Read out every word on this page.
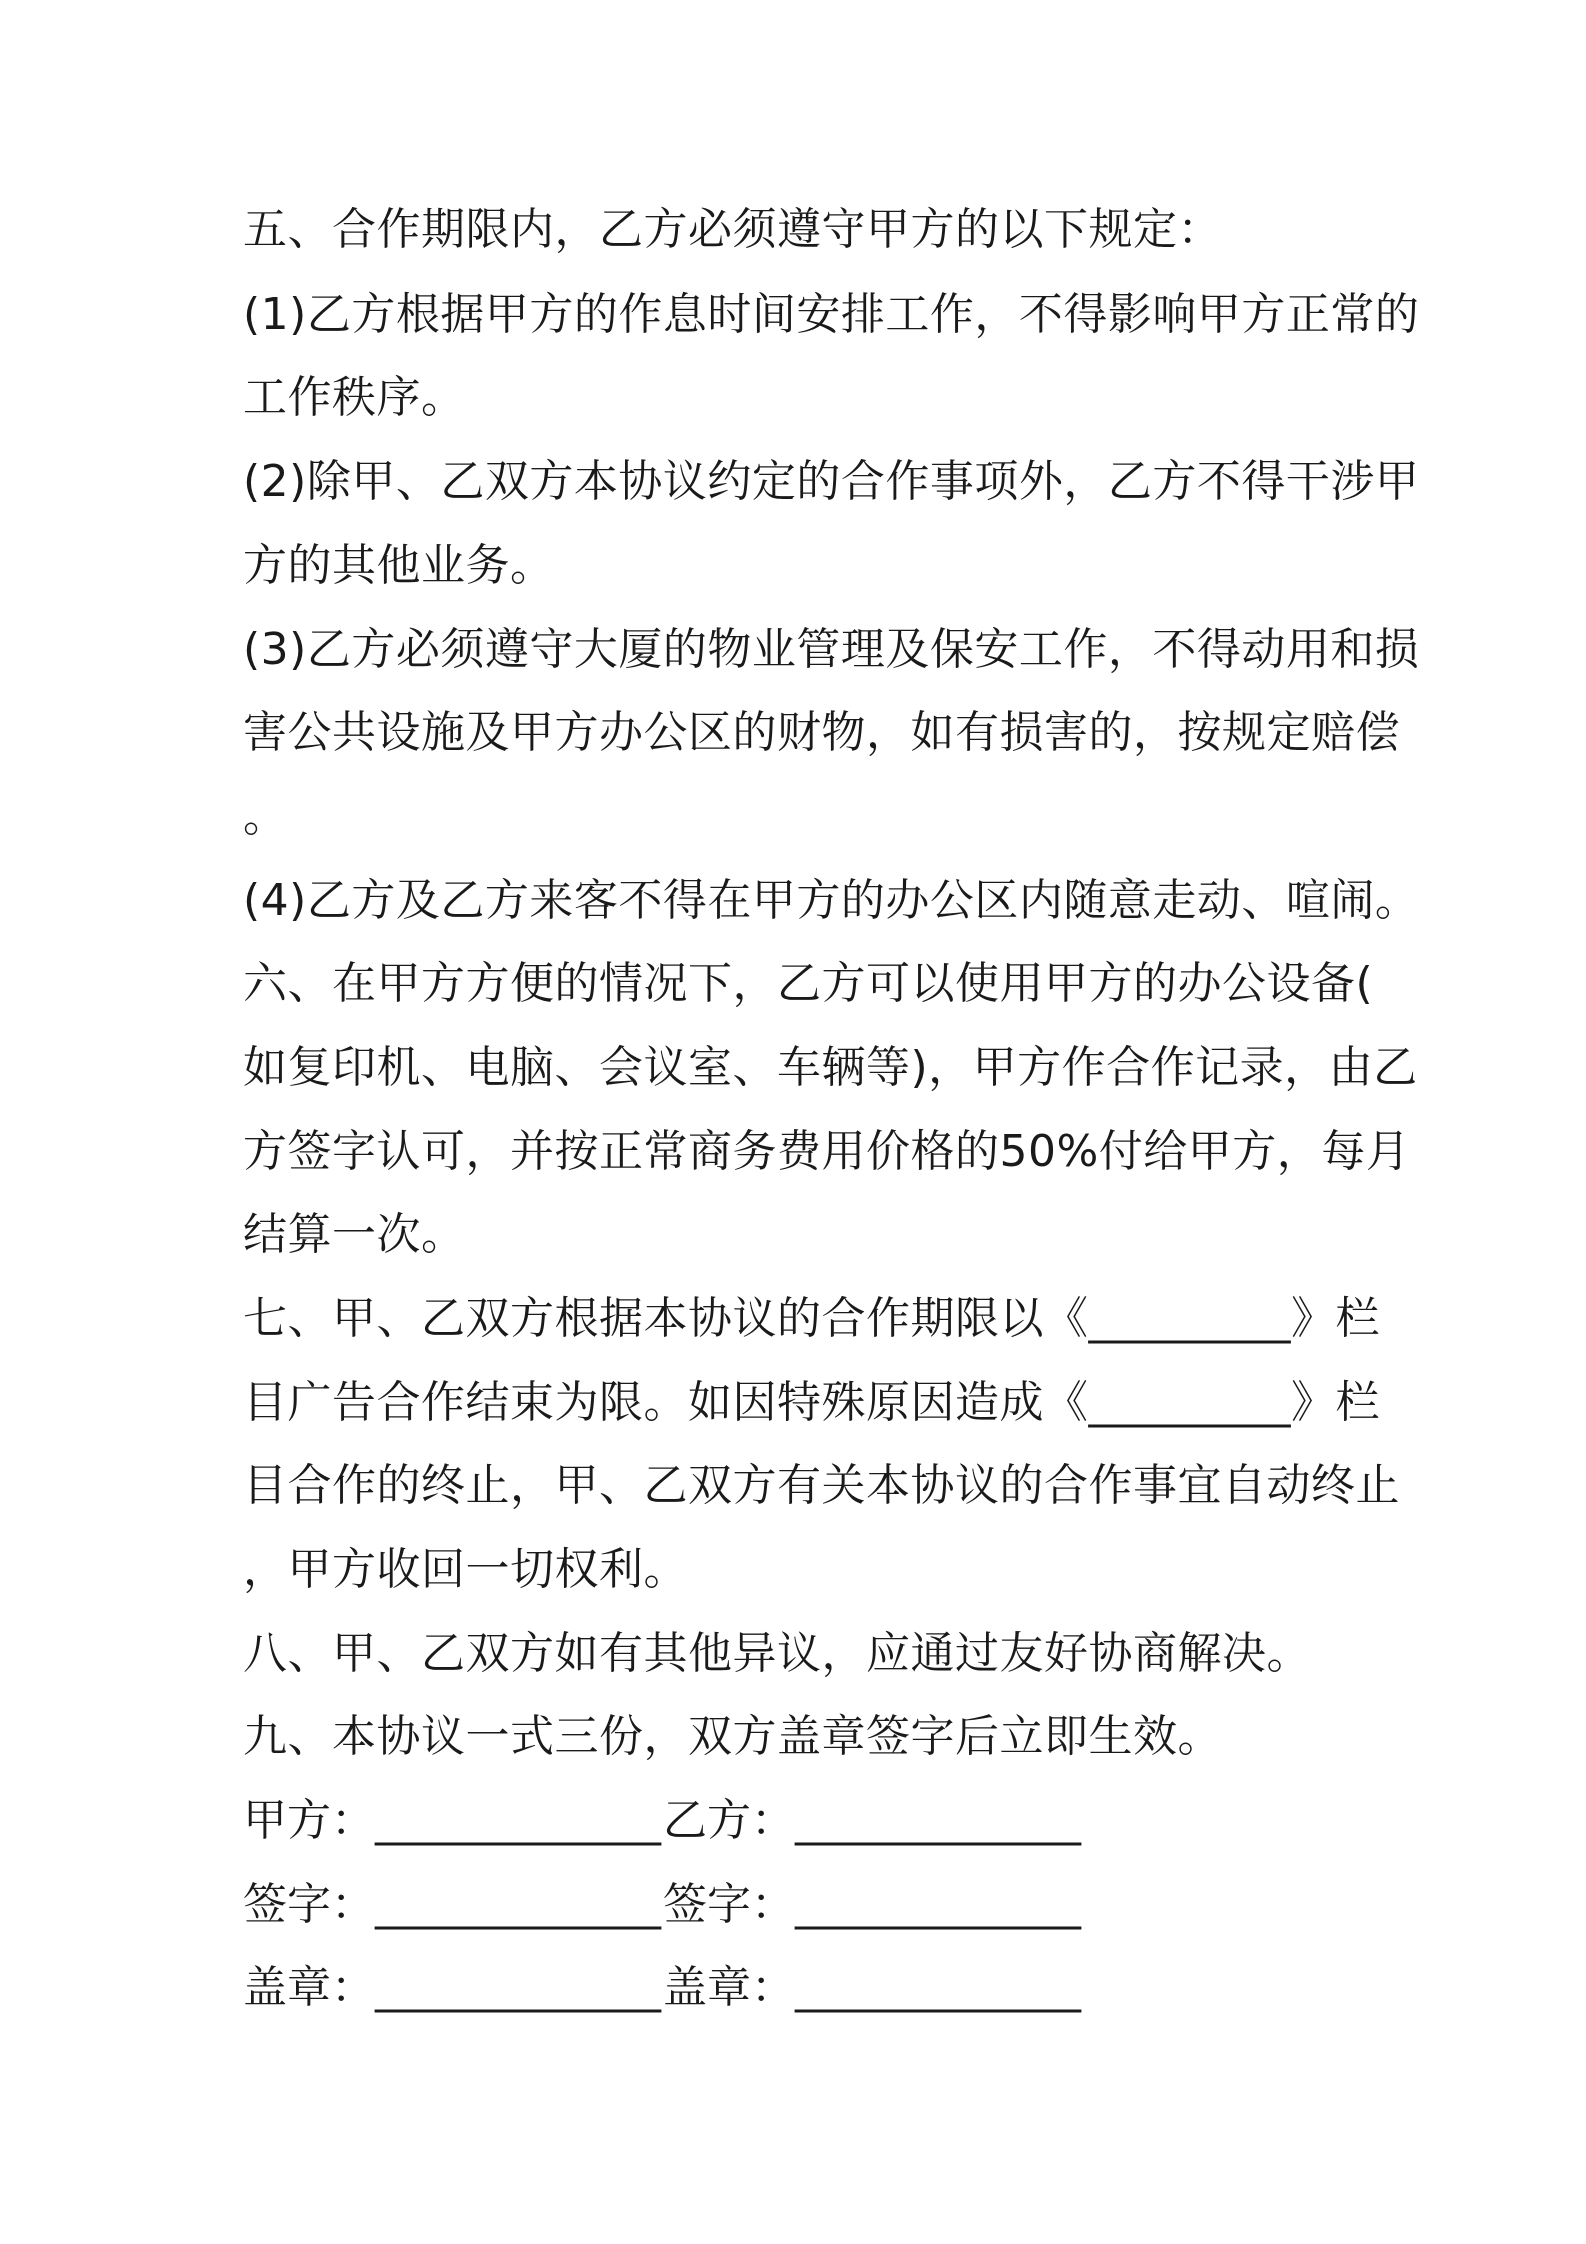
五、合作期限内，乙方必须遵守甲方的以下规定：
(1)乙方根据甲方的作息时间安排工作，不得影响甲方正常的
工作秩序。
(2)除甲、乙双方本协议约定的合作事项外，乙方不得干涉甲
方的其他业务。
(3)乙方必须遵守大厦的物业管理及保安工作，不得动用和损
害公共设施及甲方办公区的财物，如有损害的，按规定赔偿
。
(4)乙方及乙方来客不得在甲方的办公区内随意走动、喧闹。
六、在甲方方便的情况下，乙方可以使用甲方的办公设备(
如复印机、电脑、会议室、车辆等)，甲方作合作记录，由乙
方签字认可，并按正常商务费用价格的50%付给甲方，每月
结算一次。
七、甲、乙双方根据本协议的合作期限以《_________》栏
目广告合作结束为限。如因特殊原因造成《_________》栏
目合作的终止，甲、乙双方有关本协议的合作事宜自动终止
，甲方收回一切权利。
八、甲、乙双方如有其他异议，应通过友好协商解决。
九、本协议一式三份，双方盖章签字后立即生效。
甲方：_____________ 乙方：_____________
签字：_____________ 签字：_____________
盖章：_____________ 盖章：_____________
